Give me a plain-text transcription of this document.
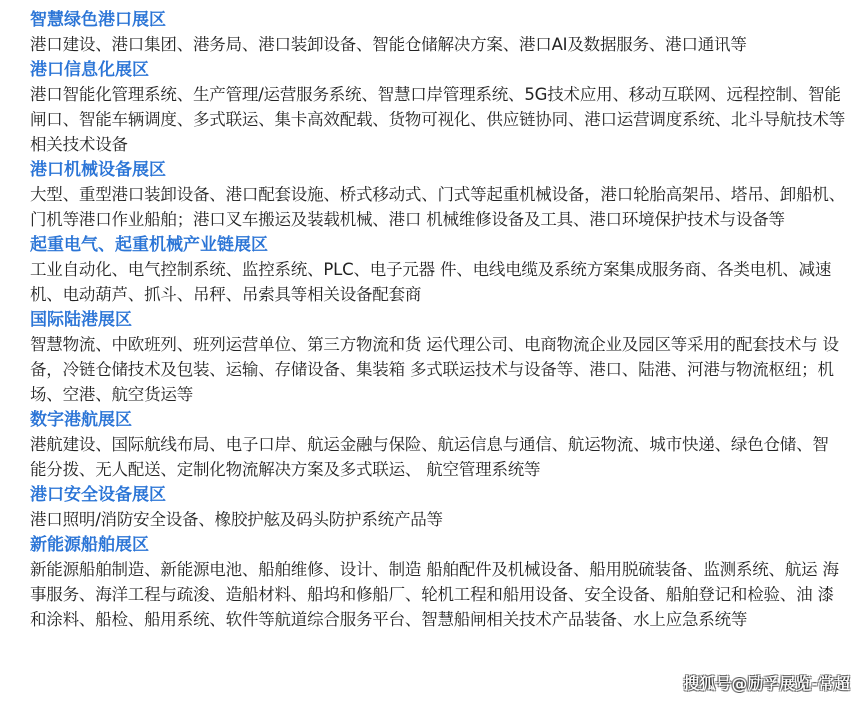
智慧绿色港口展区

港口建设、港口集团、港务局、港口装卸设备、智能仓储解决方案、港口AI及数据服务、港口通讯等

港口信息化展区

港口智能化管理系统、生产管理/运营服务系统、智慧口岸管理系统、5G技术应用、移动互联网、远程控制、智能闸口、智能车辆调度、多式联运、集卡高效配载、货物可视化、供应链协同、港口运营调度系统、北斗导航技术等相关技术设备

港口机械设备展区

大型、重型港口装卸设备、港口配套设施、桥式移动式、门式等起重机械设备，港口轮胎高架吊、塔吊、卸船机、门机等港口作业船舶；港口叉车搬运及装载机械、港口 机械维修设备及工具、港口环境保护技术与设备等

起重电气、起重机械产业链展区

工业自动化、电气控制系统、监控系统、PLC、电子元器 件、电线电缆及系统方案集成服务商、各类电机、减速机、电动葫芦、抓斗、吊秤、吊索具等相关设备配套商

国际陆港展区

智慧物流、中欧班列、班列运营单位、第三方物流和货 运代理公司、电商物流企业及园区等采用的配套技术与 设备，冷链仓储技术及包装、运输、存储设备、集装箱 多式联运技术与设备等、港口、陆港、河港与物流枢纽；机场、空港、航空货运等

数字港航展区

港航建设、国际航线布局、电子口岸、航运金融与保险、航运信息与通信、航运物流、城市快递、绿色仓储、智 能分拨、无人配送、定制化物流解决方案及多式联运、 航空管理系统等

港口安全设备展区

港口照明/消防安全设备、橡胶护舷及码头防护系统产品等

新能源船舶展区

新能源船舶制造、新能源电池、船舶维修、设计、制造 船舶配件及机械设备、船用脱硫装备、监测系统、航运 海事服务、海洋工程与疏浚、造船材料、船坞和修船厂、轮机工程和船用设备、安全设备、船舶登记和检验、油 漆和涂料、船检、船用系统、软件等航道综合服务平台、智慧船闸相关技术产品装备、水上应急系统等

搜狐号@励孚展览-常超
